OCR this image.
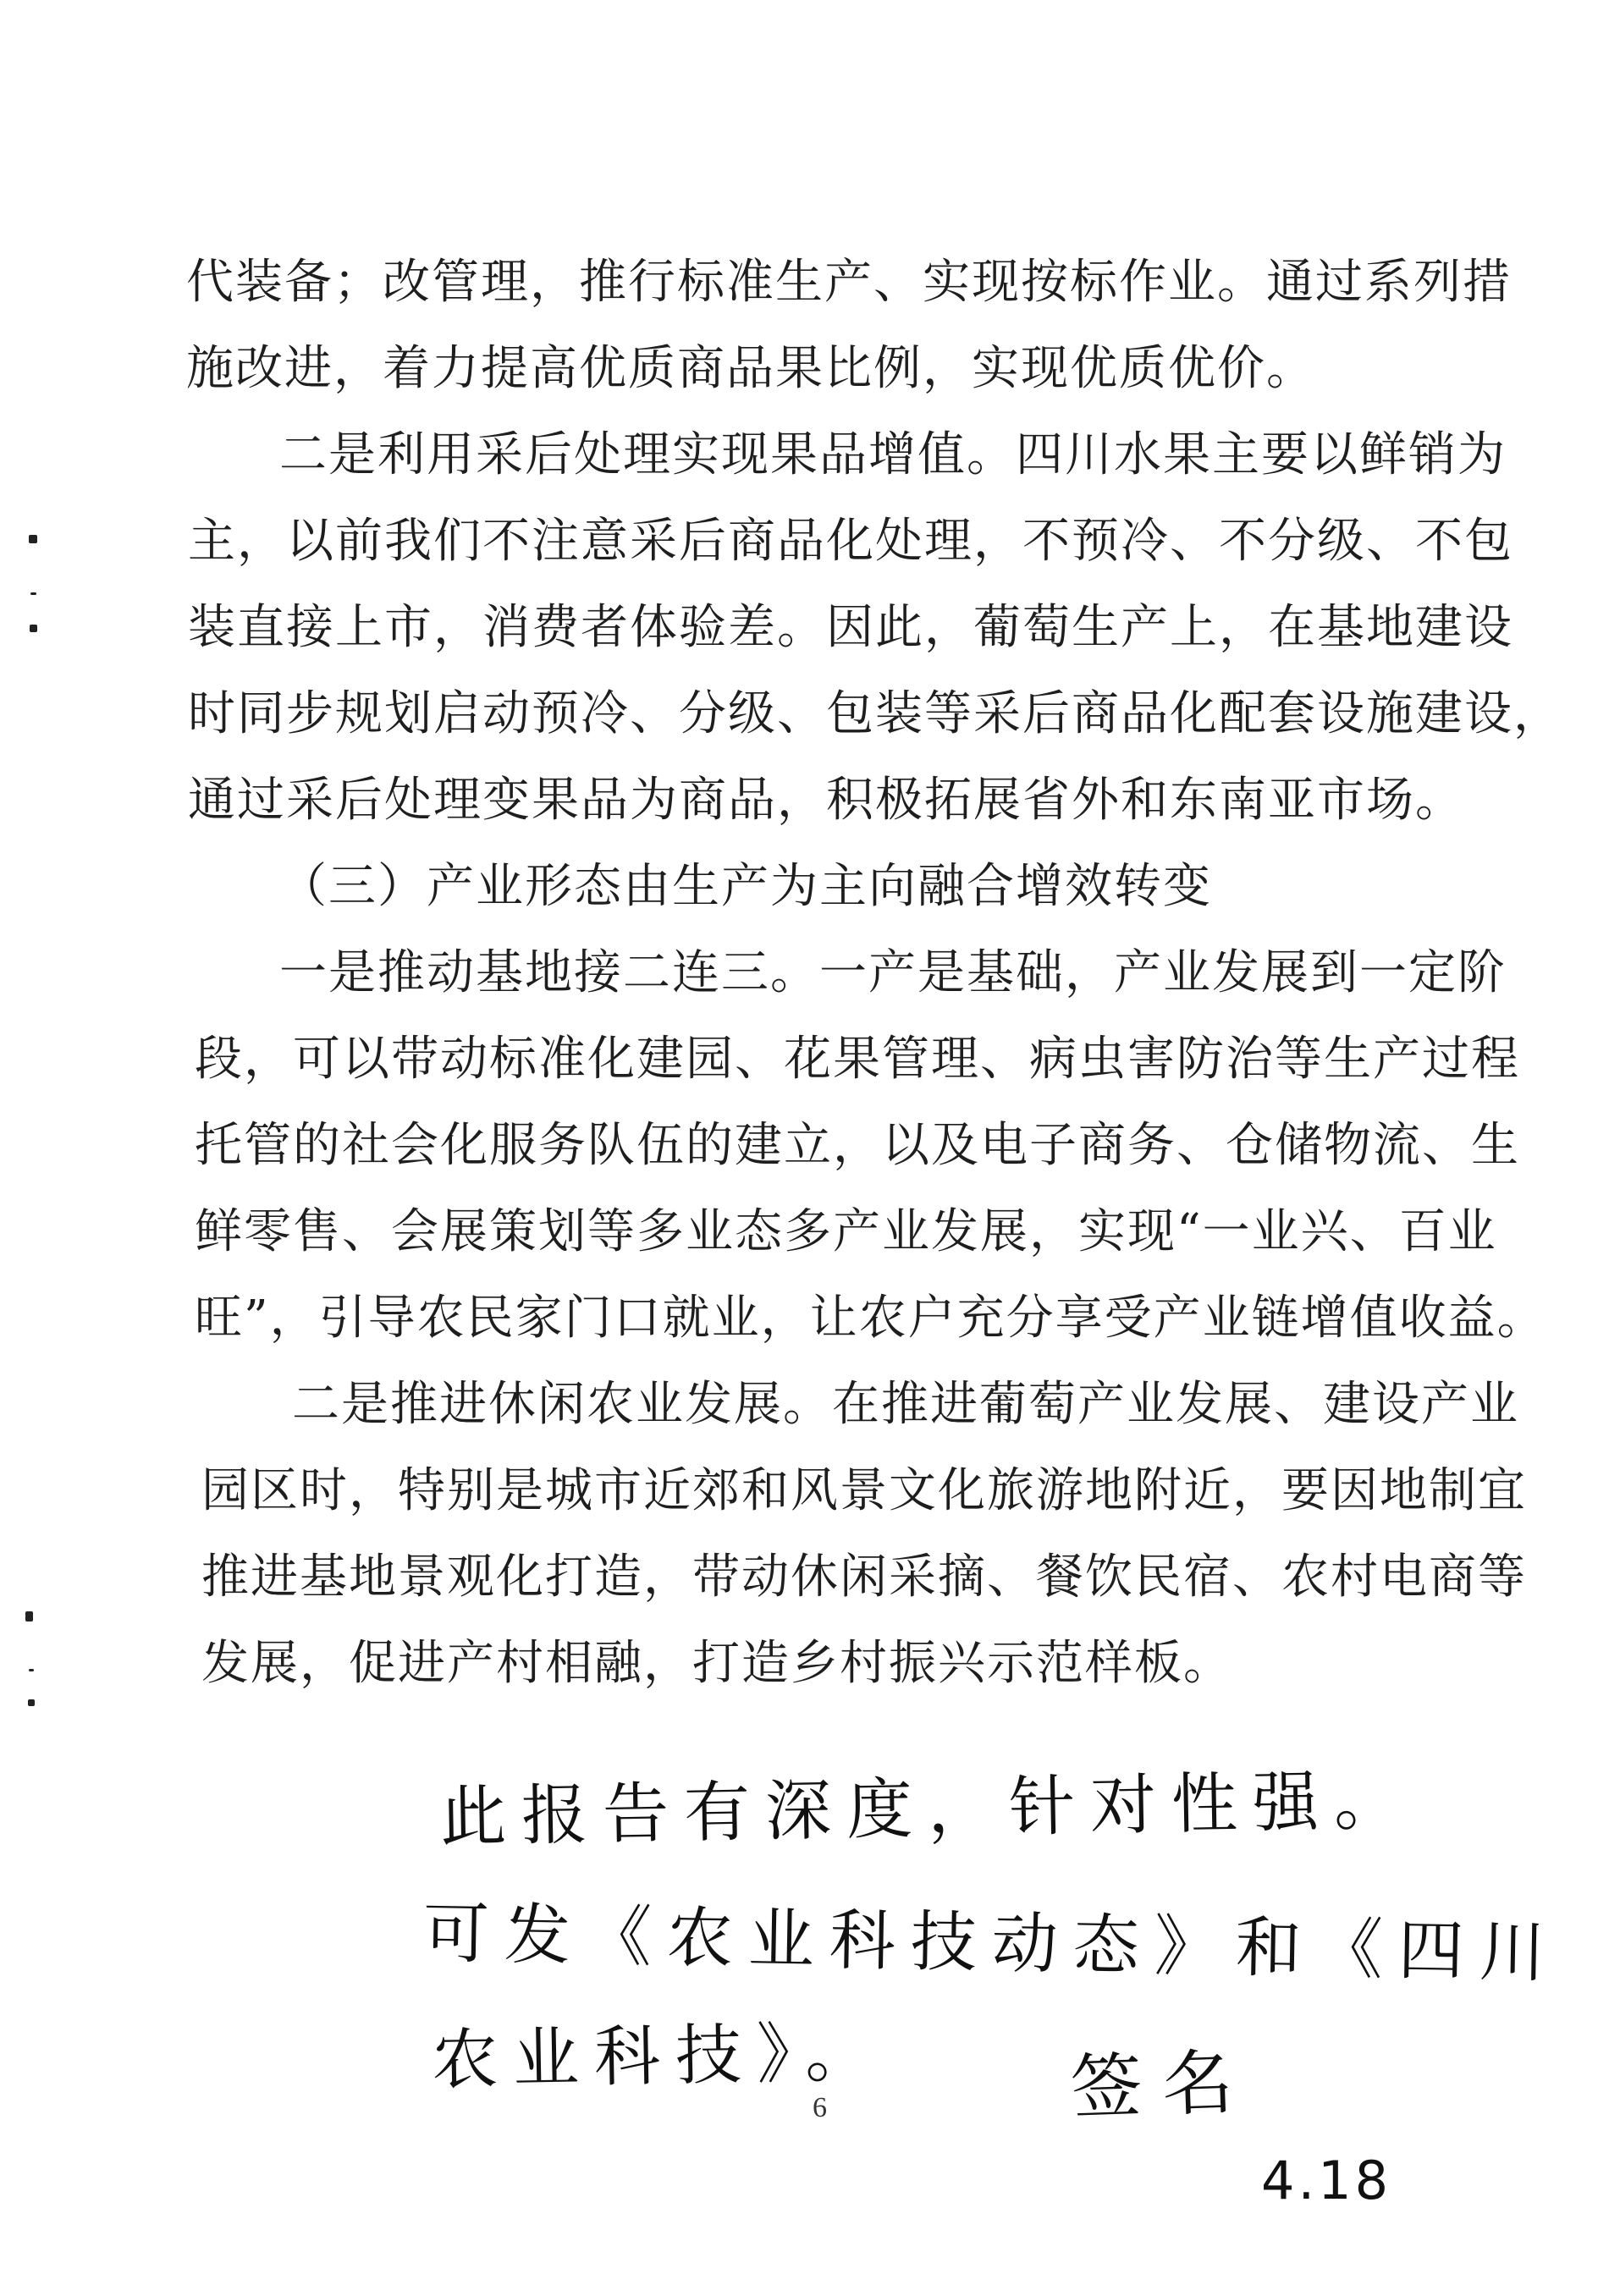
代装备；改管理，推行标准生产、实现按标作业。通过系列措
施改进，着力提高优质商品果比例，实现优质优价。
二是利用采后处理实现果品增值。四川水果主要以鲜销为
主，以前我们不注意采后商品化处理，不预冷、不分级、不包
装直接上市，消费者体验差。因此，葡萄生产上，在基地建设
时同步规划启动预冷、分级、包装等采后商品化配套设施建设，
通过采后处理变果品为商品，积极拓展省外和东南亚市场。
（三）产业形态由生产为主向融合增效转变
一是推动基地接二连三。一产是基础，产业发展到一定阶
段，可以带动标准化建园、花果管理、病虫害防治等生产过程
托管的社会化服务队伍的建立，以及电子商务、仓储物流、生
鲜零售、会展策划等多业态多产业发展，实现“一业兴、百业
旺”，引导农民家门口就业，让农户充分享受产业链增值收益。
二是推进休闲农业发展。在推进葡萄产业发展、建设产业
园区时，特别是城市近郊和风景文化旅游地附近，要因地制宜
推进基地景观化打造，带动休闲采摘、餐饮民宿、农村电商等
发展，促进产村相融，打造乡村振兴示范样板。
此报告有深度，针对性强。
可发《农业科技动态》和《四川
农业科技》。	签名
4.18
6
